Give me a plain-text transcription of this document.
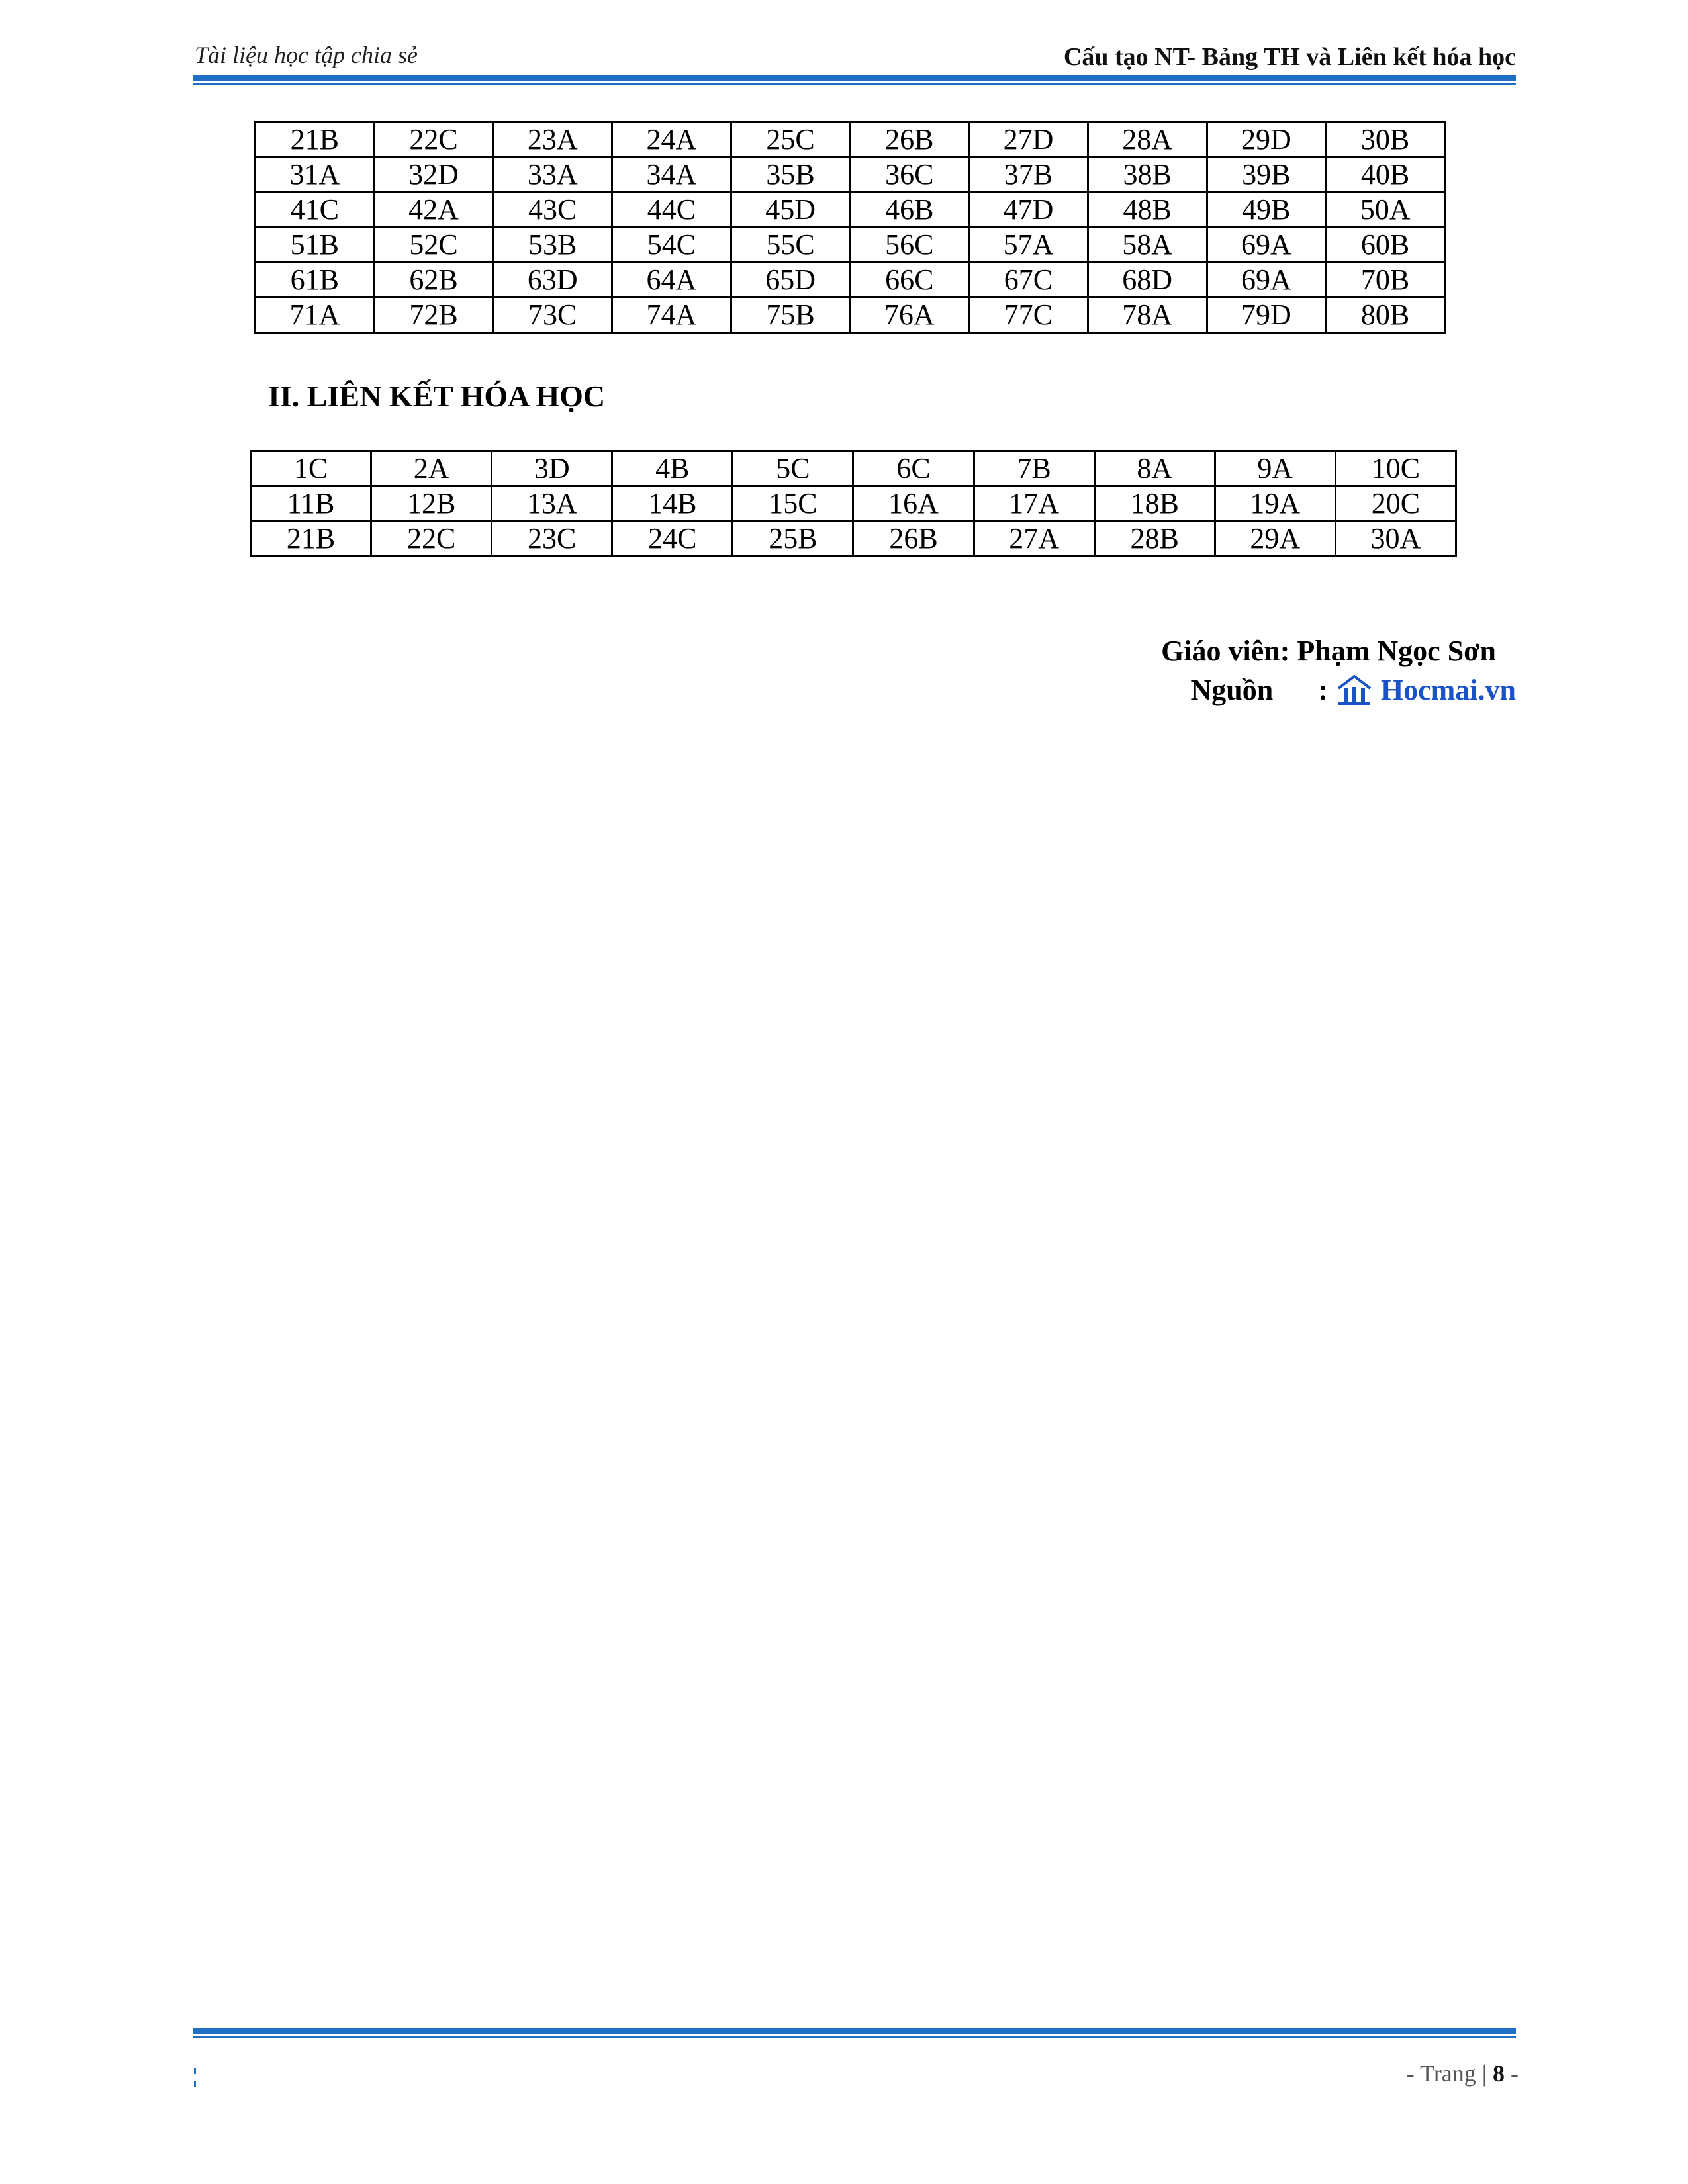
Tài liệu học tập chia sẻ	Cấu tạo NT- Bảng TH và Liên kết hóa học
21B	22C	23A	24A	25C	26B	27D	28A	29D	30B
31A	32D	33A	34A	35B	36C	37B	38B	39B	40B
41C	42A	43C	44C	45D	46B	47D	48B	49B	50A
51B	52C	53B	54C	55C	56C	57A	58A	69A	60B
61B	62B	63D	64A	65D	66C	67C	68D	69A	70B
71A	72B	73C	74A	75B	76A	77C	78A	79D	80B
II. LIÊN KẾT HÓA HỌC
1C	2A	3D	4B	5C	6C	7B	8A	9A	10C
11B	12B	13A	14B	15C	16A	17A	18B	19A	20C
21B	22C	23C	24C	25B	26B	27A	28B	29A	30A
Giáo viên: Phạm Ngọc Sơn
Nguồn : Hocmai.vn
- Trang | 8 -
